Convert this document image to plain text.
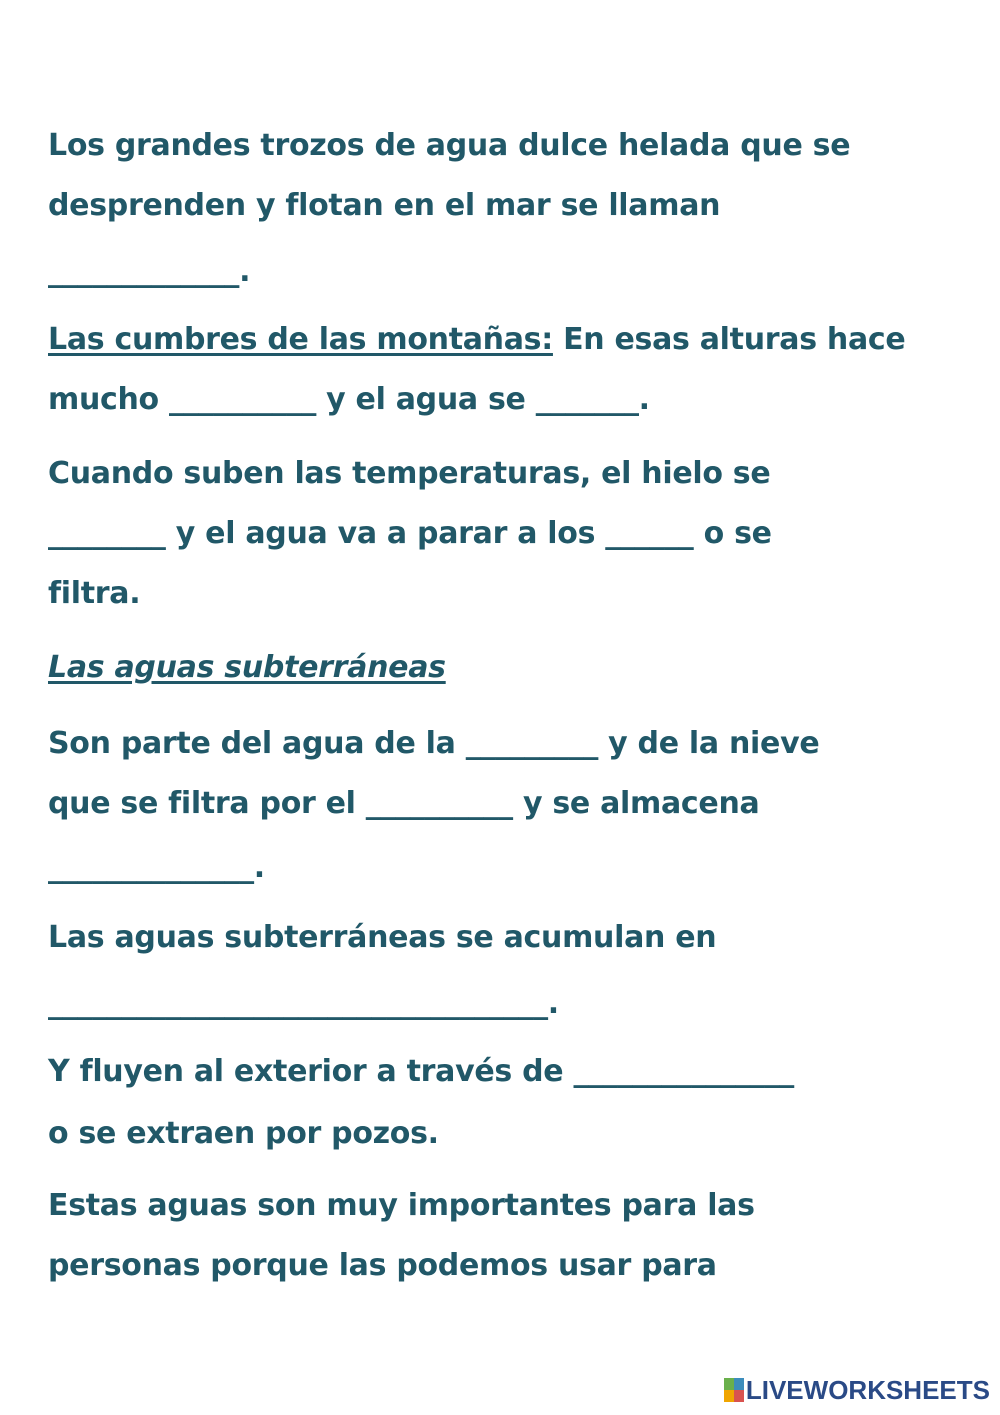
Los grandes trozos de agua dulce helada que se
desprenden y flotan en el mar se llaman
_____________.
Las cumbres de las montañas: En esas alturas hace
mucho __________ y el agua se _______.
Cuando suben las temperaturas, el hielo se
________ y el agua va a parar a los ______ o se
filtra.
Las aguas subterráneas
Son parte del agua de la _________ y de la nieve
que se filtra por el __________ y se almacena
______________.
Las aguas subterráneas se acumulan en
__________________________________.
Y fluyen al exterior a través de _______________
o se extraen por pozos.
Estas aguas son muy importantes para las
personas porque las podemos usar para
LIVEWORKSHEETS
